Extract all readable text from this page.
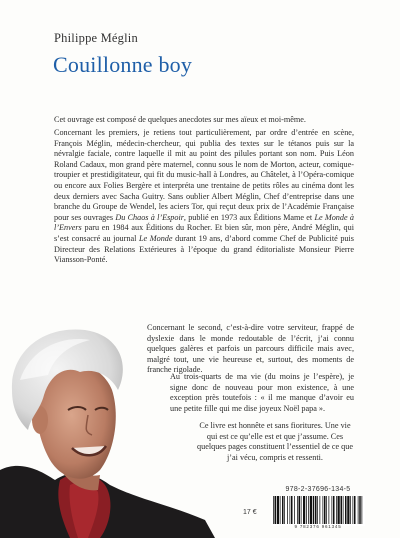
Philippe Méglin
Couillonne boy

Cet ouvrage est composé de quelques anecdotes sur mes aïeux et moi-même.

Concernant les premiers, je retiens tout particulièrement, par ordre d’entrée en scène, François Méglin, médecin-chercheur, qui publia des textes sur le tétanos puis sur la névralgie faciale, contre laquelle il mit au point des pilules portant son nom. Puis Léon Roland Cadaux, mon grand père maternel, connu sous le nom de Morton, acteur, comique-troupier et prestidigitateur, qui fit du music-hall à Londres, au Châtelet, à l’Opéra-comique ou encore aux Folies Bergère et interpréta une trentaine de petits rôles au cinéma dont les deux derniers avec Sacha Guitry. Sans oublier Albert Méglin, Chef d’entreprise dans une branche du Groupe de Wendel, les aciers Tor, qui reçut deux prix de l’Académie Française pour ses ouvrages Du Chaos à l’Espoir, publié en 1973 aux Éditions Mame et Le Monde à l’Envers paru en 1984 aux Éditions du Rocher. Et bien sûr, mon père, André Méglin, qui s’est consacré au journal Le Monde durant 19 ans, d’abord comme Chef de Publicité puis Directeur des Relations Extérieures à l’époque du grand éditorialiste Monsieur Pierre Viansson-Ponté.

Concernant le second, c’est-à-dire votre serviteur, frappé de dyslexie dans le monde redoutable de l’écrit, j’ai connu quelques galères et parfois un parcours difficile mais avec, malgré tout, une vie heureuse et, surtout, des moments de franche rigolade.

Au trois-quarts de ma vie (du moins je l’espère), je signe donc de nouveau pour mon existence, à une exception près toutefois : « il me manque d’avoir eu une petite fille qui me dise joyeux Noël papa ».

Ce livre est honnête et sans fioritures. Une vie qui est ce qu’elle est et que j’assume. Ces quelques pages constituent l’essentiel de ce que j’ai vécu, compris et ressenti.

17 €
978-2-37696-134-5
9 782376 961345
